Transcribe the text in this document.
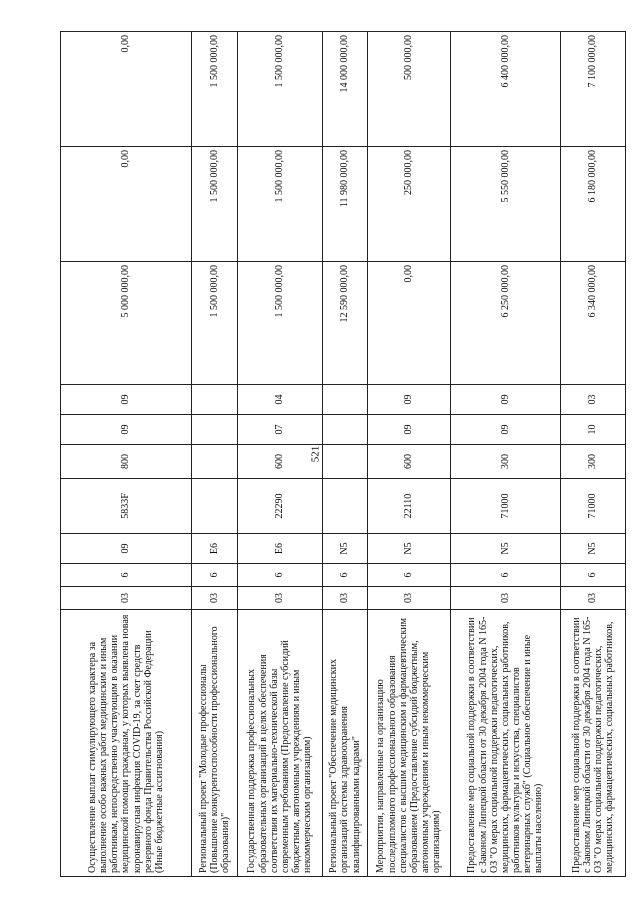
521
Осуществление выплат стимулирующего характера за выполнение особо важных работ медицинским и иным работникам, непосредственно участвующим в оказании медицинской помощи гражданам, у которых выявлена новая коронавирусная инфекция COVID-19, за счет средств резервного фонда Правительства Российской Федерации (Иные бюджетные ассигнования)	03	6	09	5833F	800	09	09	5 000 000,00	0,00	0,00
Региональный проект "Молодые профессионалы (Повышение конкурентоспособности профессионального образования)"	03	6	E6					1 500 000,00	1 500 000,00	1 500 000,00
Государственная поддержка профессиональных образовательных организаций в целях обеспечения соответствия их материально-технической базы современным требованиям (Предоставление субсидий бюджетным, автономным учреждениям и иным некоммерческим организациям)	03	6	E6	22290	600	07	04	1 500 000,00	1 500 000,00	1 500 000,00
Региональный проект "Обеспечение медицинских организаций системы здравоохранения квалифицированными кадрами"	03	6	N5					12 590 000,00	11 980 000,00	14 000 000,00
Мероприятия, направленные на организацию последипломного профессионального образования специалистов с высшим медицинским и фармацевтическим образованием (Предоставление субсидий бюджетным, автономным учреждениям и иным некоммерческим организациям)	03	6	N5	22110	600	09	09	0,00	250 000,00	500 000,00
Предоставление мер социальной поддержки в соответствии с Законом Липецкой области от 30 декабря 2004 года N 165-ОЗ "О мерах социальной поддержки педагогических, медицинских, фармацевтических, социальных работников, работников культуры и искусства, специалистов ветеринарных служб" (Социальное обеспечение и иные выплаты населению)	03	6	N5	71000	300	09	09	6 250 000,00	5 550 000,00	6 400 000,00
Предоставление мер социальной поддержки в соответствии с Законом Липецкой области от 30 декабря 2004 года N 165-ОЗ "О мерах социальной поддержки педагогических, медицинских, фармацевтических, социальных работников,	03	6	N5	71000	300	10	03	6 340 000,00	6 180 000,00	7 100 000,00
